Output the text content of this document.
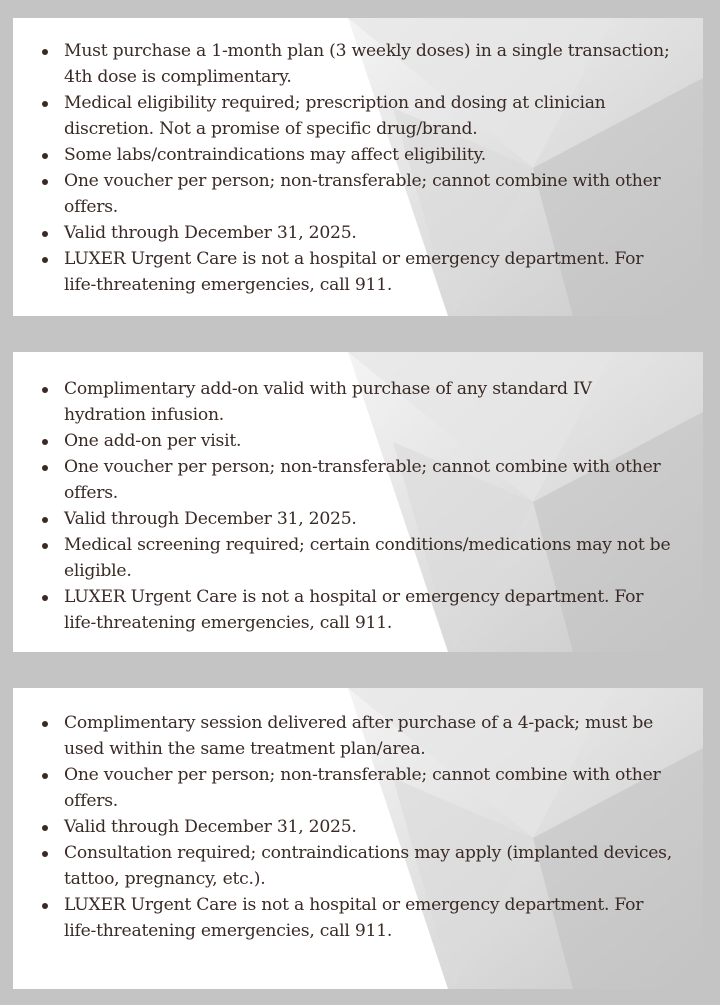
Must purchase a 1-month plan (3 weekly doses) in a single transaction; 4th dose is complimentary.
Medical eligibility required; prescription and dosing at clinician discretion. Not a promise of specific drug/brand.
Some labs/contraindications may affect eligibility.
One voucher per person; non-transferable; cannot combine with other offers.
Valid through December 31, 2025.
LUXER Urgent Care is not a hospital or emergency department. For life-threatening emergencies, call 911.
Complimentary add-on valid with purchase of any standard IV hydration infusion.
One add-on per visit.
One voucher per person; non-transferable; cannot combine with other offers.
Valid through December 31, 2025.
Medical screening required; certain conditions/medications may not be eligible.
LUXER Urgent Care is not a hospital or emergency department. For life-threatening emergencies, call 911.
Complimentary session delivered after purchase of a 4-pack; must be used within the same treatment plan/area.
One voucher per person; non-transferable; cannot combine with other offers.
Valid through December 31, 2025.
Consultation required; contraindications may apply (implanted devices, tattoo, pregnancy, etc.).
LUXER Urgent Care is not a hospital or emergency department. For life-threatening emergencies, call 911.
